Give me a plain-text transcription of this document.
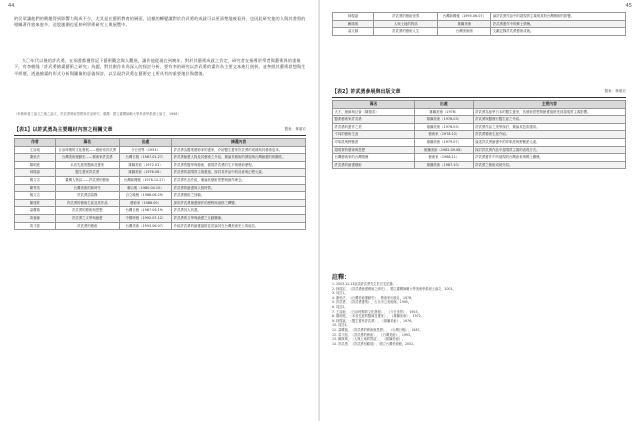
44
的民眾讓他們的興趣得到影響力與成不少，尤其是在藝術教育的層面，這樣的轉變讓對於許武勇的成就可以更清楚地被看到，也因此研究他的人與其書寫的相關著作愈來愈多，這股風潮也延伸到學術研究上與展覽中。
九〇年代以後的許武勇，在兩書都獲得記下藝術觀念與人觀展，讓作他從現在到晚年，對於其藝術成就之肯定，研究者在指導於學者與藝術界的重視下，有李朝隆「許武勇繪畫藝術之研究」為題，對其創作作為深入的探討分析，要有李的研究以許武勇的畫作為主要文本進行剖析，並參照其藝術思想與生平經歷，透過繪畫的形式分析與圖像的意義探討，以呈現許武勇在藝術史上所具有的重要地位與價值。
（李鼎珍著之論文之後之論文，許武勇藝術思想與作品研究，臺灣：國立臺灣師範大學美術學系碩士論文，1998）
【表1】以許武勇為主要題材內容之相關文章	製表：林瑞宏
作者	篇名	出處	摘選內容
王詩琅	日治時期的文化發展——藝術家許武勇	今日世界（1953）	許武勇為醫業藝術家的畫家，介紹醫生畫家許武勇的成就與其藝術追求。
謝里法	台灣美術運動史——藝術家許武勇	台灣日報（1967.01.27）	許武勇繪畫人物及其藝術之介紹，兼論其藝術的發展與台灣繪畫的相關性。
鄭明進	本省先進的醫師及畫家	雄獅美術（1972.01）	許武勇的醫學與藝術，描寫許武勇的生平與藝術歷程。
林惺嶽	醫生畫家許武勇	雄獅美術（1976.08）	許武勇的超現實主義畫風，探討其作品中的詩意與幻想元素。
楊文吉	臺灣人物誌——許武勇的藝術	台灣新聞報（1978.12.27）	許武勇作品介紹，兼論其藝術思想與創作理念。
陳秀英	台灣美術的新時代	聯合報（1980.04.10）	許武勇的繪畫與人格特質。
楊文吉	許武勇訪談錄	自立晚報（1988.06.29）	許武勇藝術之回顧。
陳建欽	許武勇的藝術生涯及其作品	藝術家（1986.09）	探討許武勇繪畫創作的歷程與風格之轉變。
蕭瓊瑞	許武勇的藝術與思想	台灣日報（1987.09.19）	許武勇其人其畫。
黃蓉蓉	許武勇之文學與繪畫	中國時報（1992.07.12）	許武勇的文學與繪畫之互動關係。
黃才郎	許武勇的藝術	台灣美術（1993.06.07）	介紹許武勇的繪畫風格並討論其在台灣美術史上的地位。
45
林惺嶽	許武勇的藝術世界	台灣新聞報（1995.06.07）	論許武勇作品中的超現實主義與其對台灣藝術的影響。
賴瑛瑛	人與土地的對話	雄獅美術	許武勇畫作中的鄉土情懷。
蕭文蘇	許武勇的藝術人生	台灣美術館	文獻記錄許武勇藝術成就。
【表2】許武勇參展與出版文章	製表：林瑞宏
篇名	出處	主要內容
天才、繪師與社會（陳德彥）	雄獅美術（1976）	許武勇為留學日本的醫生畫家，其藝術思想與繪畫風格受到超現實主義影響。
醫業藝術家許武勇	雄獅美術（1976.03）	許武勇與醫療行醫生涯之介紹。
許武勇的畫作之美	雄獅美術（1976.03）	許武勇作品之美學探討，兼論其色彩運用。
不同的藝術生涯	藝術家（1978.12）	許武勇藝術生涯介紹。
印象派與野獸派	雄獅美術（1979.07）	論述許武勇繪畫中的印象派與野獸派元素。
超現實的藝術與思想	雄獅美術（1982.09.08）	探討許武勇作品中超現實主義的表現方式。
台灣藝術家的台灣情懷	藝術家（1986.11）	許武勇畫作中所展現的台灣意象與鄉土關懷。
許武勇的繪畫藝術	雄獅美術（1987.10）	許武勇之藝術成就介紹。
註釋：
1. 2003.12.13訪談許武勇先生於自宅記錄。
2. 林瑞宏，《許武勇繪畫藝術之研究》，國立臺灣師範大學美術學系碩士論文，2001。
3. 同註1。
4. 謝里法，《台灣美術運動史》，藝術家出版社，1978。
5. 許武勇，《許武勇畫集》，台北市立美術館，1995。
6. 同註2。
7. 王詩琅，〈日治時期的文化發展〉，《今日世界》，1953。
8. 鄭明進，〈本省先進的醫師及畫家〉，《雄獅美術》，1972。
9. 林惺嶽，〈醫生畫家許武勇〉，《雄獅美術》，1976。
10. 同註4。
11. 蕭瓊瑞，〈許武勇的藝術與思想〉，《台灣日報》，1987。
12. 黃才郎，〈許武勇的藝術〉，《台灣美術》，1993。
13. 賴瑛瑛，〈人與土地的對話〉，《雄獅美術》。
14. 許武勇，《許武勇回顧展》，國立台灣美術館，2002。
